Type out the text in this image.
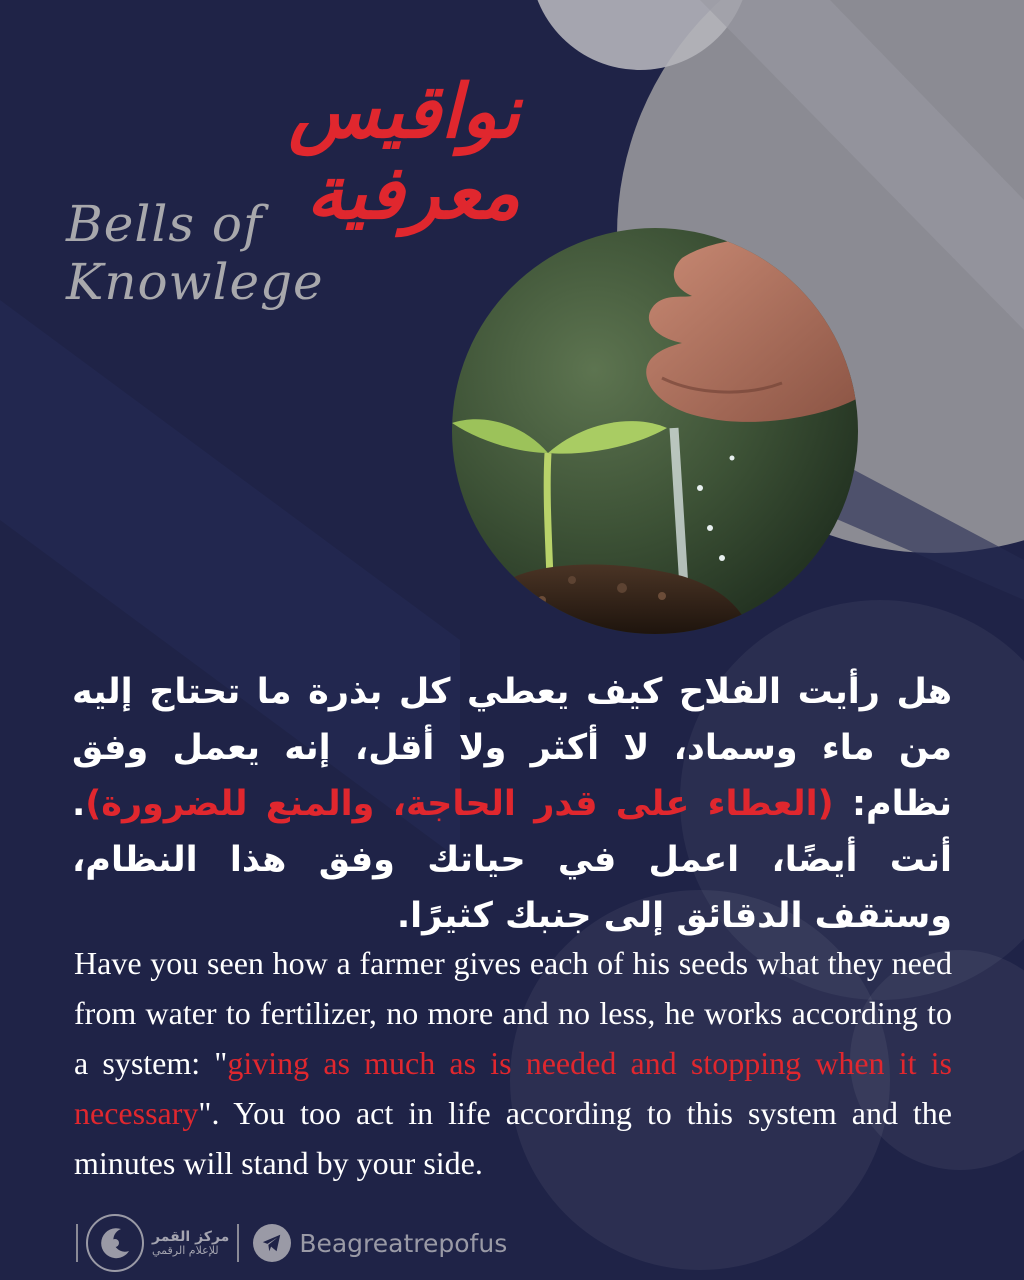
نواقيس معرفية
Bells of Knowlege
هل رأيت الفلاح كيف يعطي كل بذرة ما تحتاج إليه من ماء وسماد، لا أكثر ولا أقل، إنه يعمل وفق نظام: (العطاء على قدر الحاجة، والمنع للضرورة). أنت أيضًا، اعمل في حياتك وفق هذا النظام، وستقف الدقائق إلى جنبك كثيرًا.
Have you seen how a farmer gives each of his seeds what they need from water to fertilizer, no more and no less, he works according to a system: "giving as much as is needed and stopping when it is necessary". You too act in life according to this system and the minutes will stand by your side.
مركز القمر
للإعلام الرقمي	Beagreatrepofus
